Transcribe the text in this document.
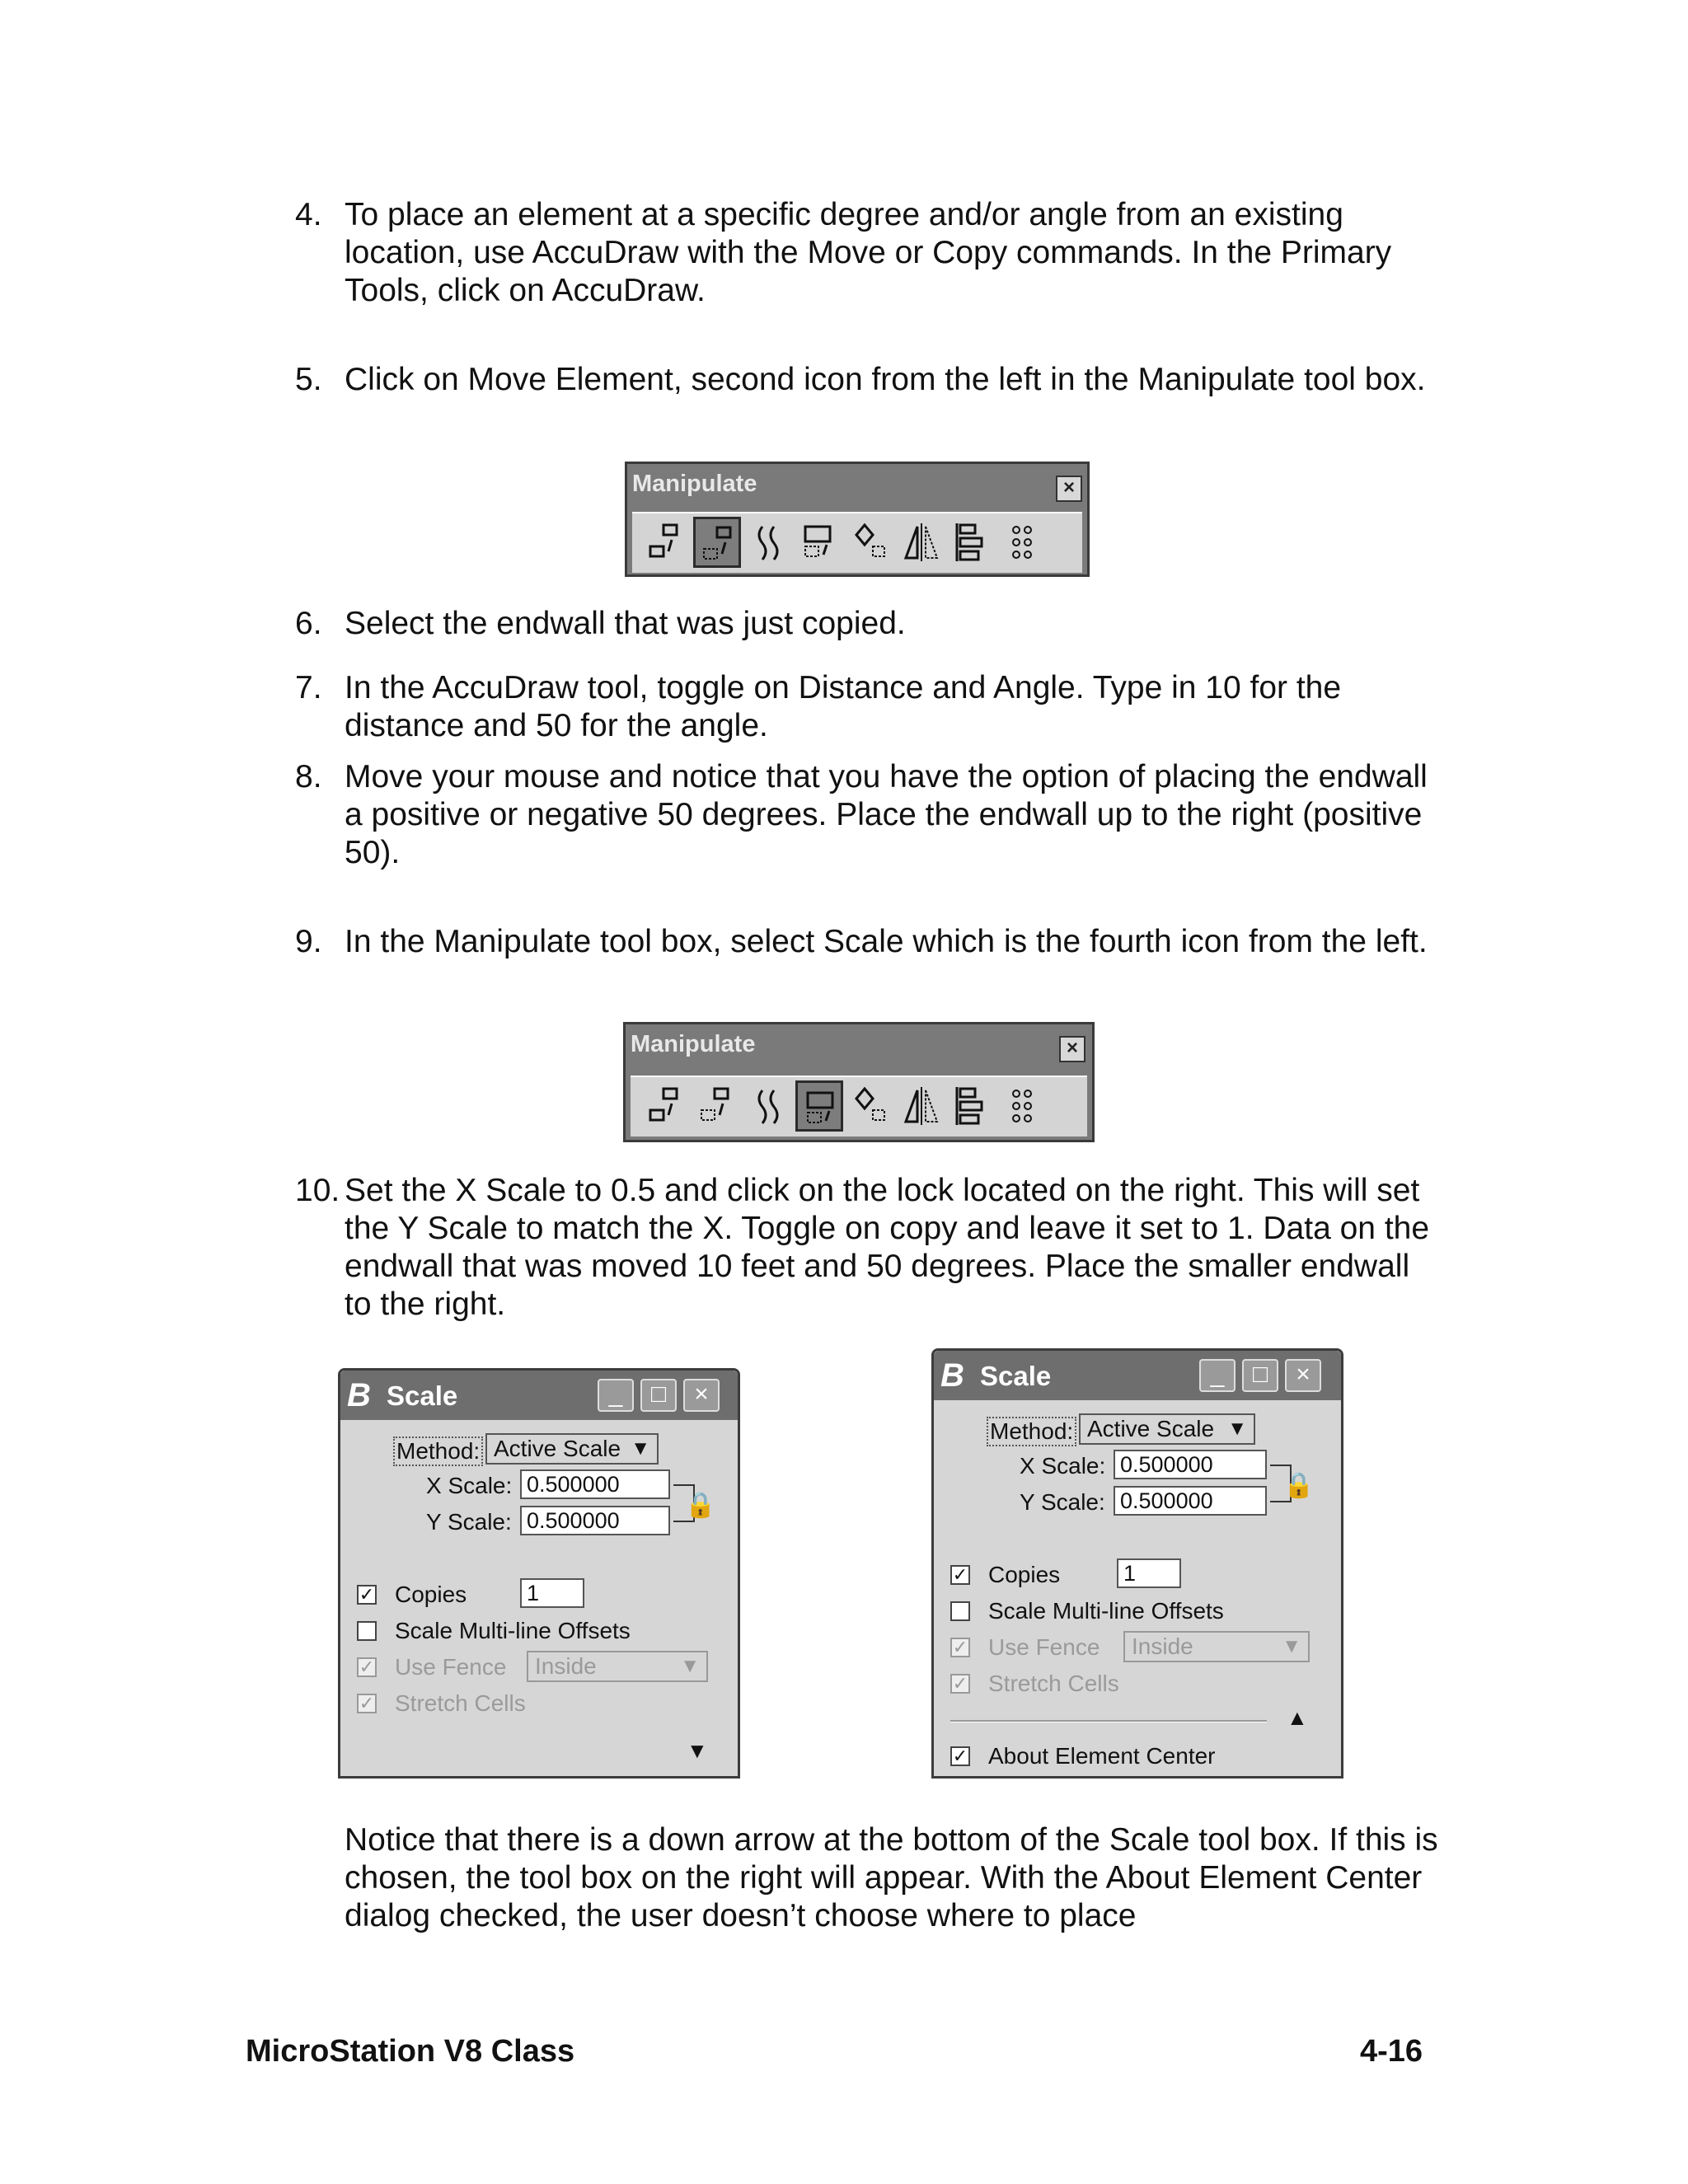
4. To place an element at a specific degree and/or angle from an existing location, use AccuDraw with the Move or Copy commands. In the Primary Tools, click on AccuDraw.
5. Click on Move Element, second icon from the left in the Manipulate tool box.
Manipulate	×
6. Select the endwall that was just copied.
7. In the AccuDraw tool, toggle on Distance and Angle. Type in 10 for the distance and 50 for the angle.
8. Move your mouse and notice that you have the option of placing the endwall a positive or negative 50 degrees. Place the endwall up to the right (positive 50).
9. In the Manipulate tool box, select Scale which is the fourth icon from the left.
Manipulate	×
10. Set the X Scale to 0.5 and click on the lock located on the right. This will set the Y Scale to match the X. Toggle on copy and leave it set to 1. Data on the endwall that was moved 10 feet and 50 degrees. Place the smaller endwall to the right.
B Scale	_	□	×
Method: Active Scale ▼
X Scale: 0.500000
Y Scale: 0.500000
🔒
✓ Copies	1
Scale Multi-line Offsets
✓ Use Fence	Inside	▼
✓ Stretch Cells
▼
B Scale	_	□	×
Method: Active Scale ▼
X Scale: 0.500000
Y Scale: 0.500000
🔒
✓ Copies	1
Scale Multi-line Offsets
✓ Use Fence	Inside	▼
✓ Stretch Cells
▲
✓ About Element Center
Notice that there is a down arrow at the bottom of the Scale tool box. If this is chosen, the tool box on the right will appear. With the About Element Center dialog checked, the user doesn’t choose where to place
MicroStation V8 Class	4-16
